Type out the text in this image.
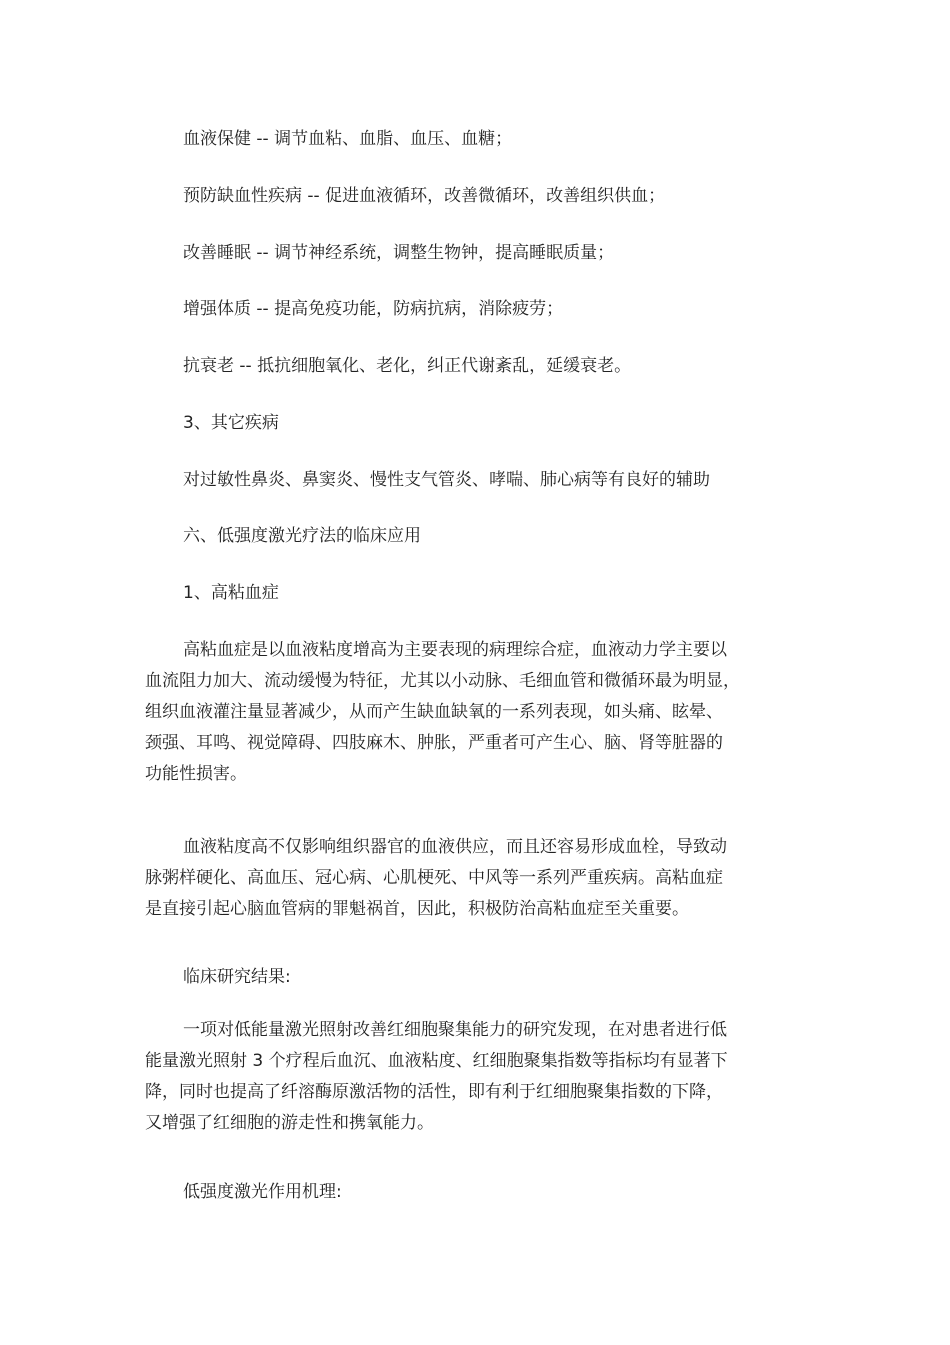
血液保健 -- 调节血粘、血脂、血压、血糖；

预防缺血性疾病 -- 促进血液循环，改善微循环，改善组织供血；

改善睡眠 -- 调节神经系统，调整生物钟，提高睡眠质量；

增强体质 -- 提高免疫功能，防病抗病，消除疲劳；

抗衰老 -- 抵抗细胞氧化、老化，纠正代谢紊乱，延缓衰老。

3、其它疾病

对过敏性鼻炎、鼻窦炎、慢性支气管炎、哮喘、肺心病等有良好的辅助

六、低强度激光疗法的临床应用

1、高粘血症

高粘血症是以血液粘度增高为主要表现的病理综合症，血液动力学主要以
血流阻力加大、流动缓慢为特征，尤其以小动脉、毛细血管和微循环最为明显，
组织血液灌注量显著减少，从而产生缺血缺氧的一系列表现，如头痛、眩晕、
颈强、耳鸣、视觉障碍、四肢麻木、肿胀，严重者可产生心、脑、肾等脏器的
功能性损害。
血液粘度高不仅影响组织器官的血液供应，而且还容易形成血栓，导致动
脉粥样硬化、高血压、冠心病、心肌梗死、中风等一系列严重疾病。高粘血症
是直接引起心脑血管病的罪魁祸首，因此，积极防治高粘血症至关重要。

临床研究结果:

一项对低能量激光照射改善红细胞聚集能力的研究发现，在对患者进行低
能量激光照射 3 个疗程后血沉、血液粘度、红细胞聚集指数等指标均有显著下
降，同时也提高了纤溶酶原激活物的活性，即有利于红细胞聚集指数的下降，
又增强了红细胞的游走性和携氧能力。

低强度激光作用机理:
